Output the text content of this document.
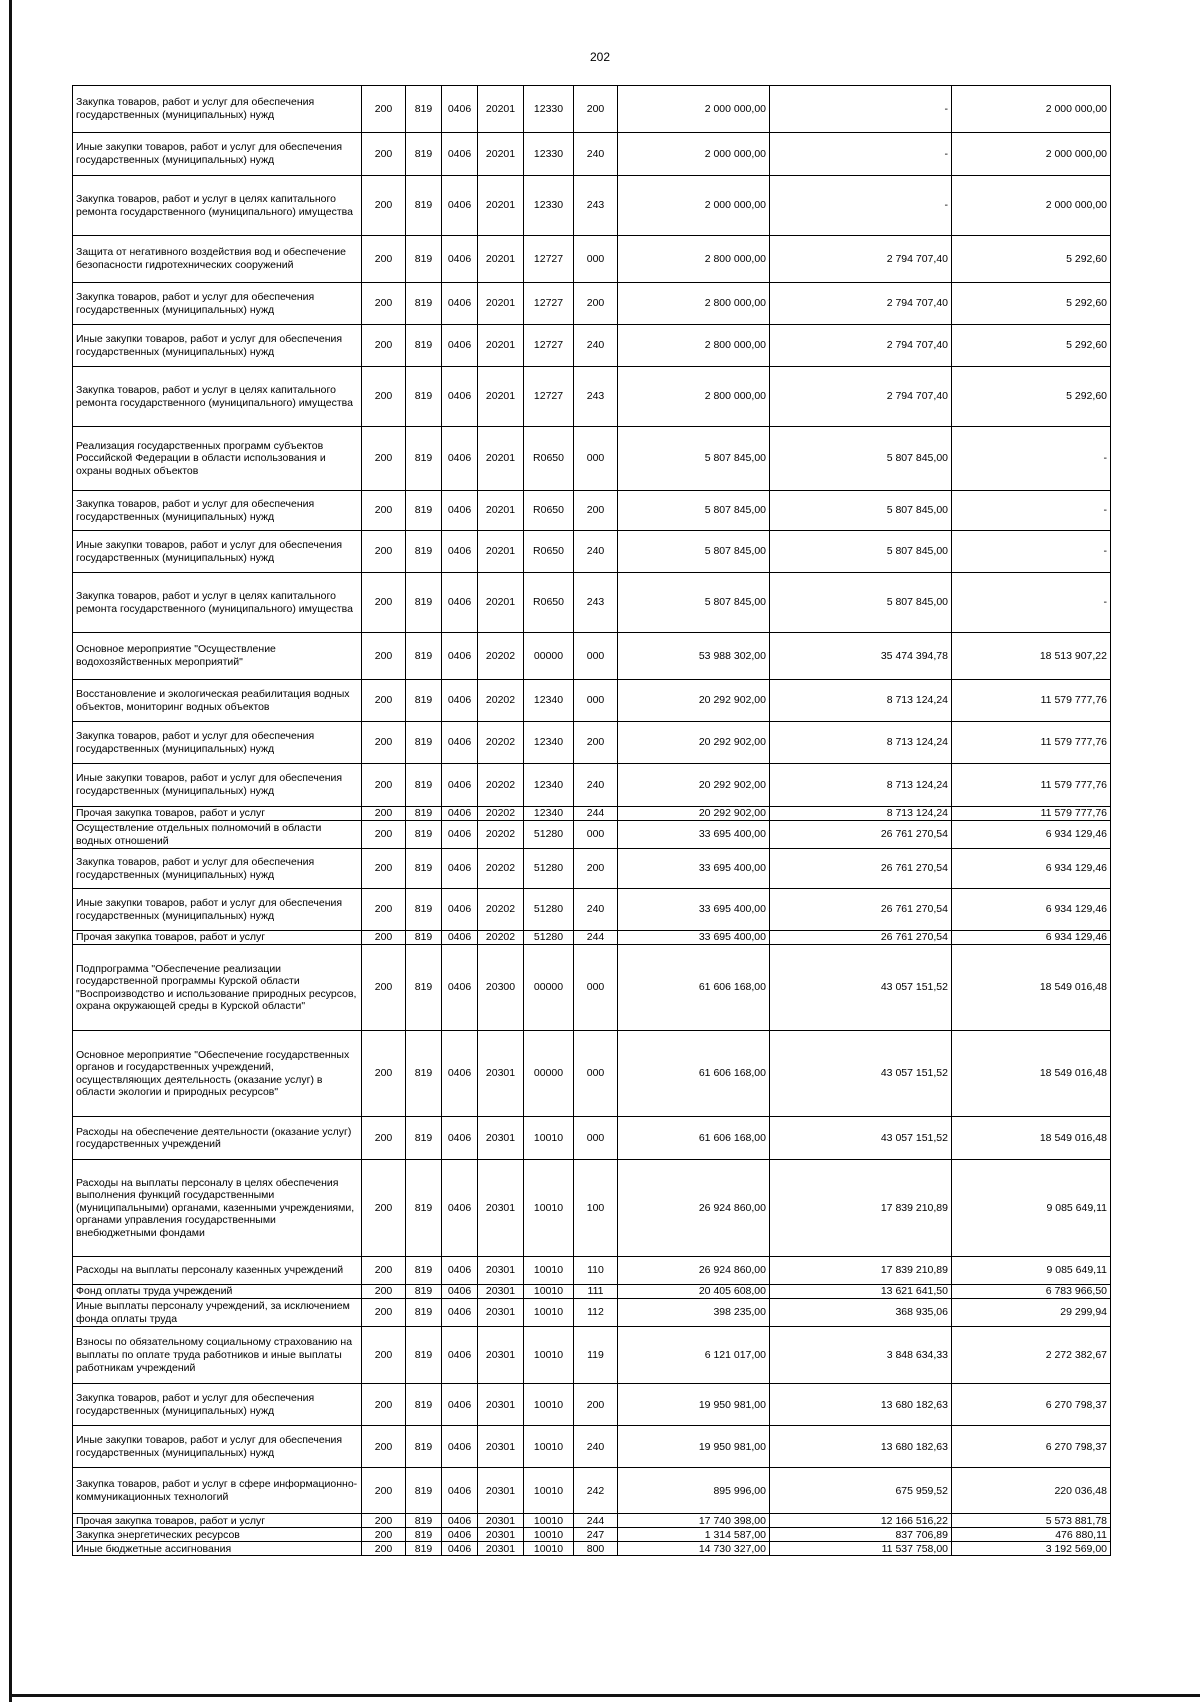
202
Закупка товаров, работ и услуг для обеспечения государственных (муниципальных) нужд	200	819	0406	20201	12330	200	2 000 000,00	-	2 000 000,00
Иные закупки товаров, работ и услуг для обеспечения государственных (муниципальных) нужд	200	819	0406	20201	12330	240	2 000 000,00	-	2 000 000,00
Закупка товаров, работ и услуг в целях капитального ремонта государственного (муниципального) имущества	200	819	0406	20201	12330	243	2 000 000,00	-	2 000 000,00
Защита от негативного воздействия вод и обеспечение безопасности гидротехнических сооружений	200	819	0406	20201	12727	000	2 800 000,00	2 794 707,40	5 292,60
Закупка товаров, работ и услуг для обеспечения государственных (муниципальных) нужд	200	819	0406	20201	12727	200	2 800 000,00	2 794 707,40	5 292,60
Иные закупки товаров, работ и услуг для обеспечения государственных (муниципальных) нужд	200	819	0406	20201	12727	240	2 800 000,00	2 794 707,40	5 292,60
Закупка товаров, работ и услуг в целях капитального ремонта государственного (муниципального) имущества	200	819	0406	20201	12727	243	2 800 000,00	2 794 707,40	5 292,60
Реализация государственных программ субъектов Российской Федерации в области использования и охраны водных объектов	200	819	0406	20201	R0650	000	5 807 845,00	5 807 845,00	-
Закупка товаров, работ и услуг для обеспечения государственных (муниципальных) нужд	200	819	0406	20201	R0650	200	5 807 845,00	5 807 845,00	-
Иные закупки товаров, работ и услуг для обеспечения государственных (муниципальных) нужд	200	819	0406	20201	R0650	240	5 807 845,00	5 807 845,00	-
Закупка товаров, работ и услуг в целях капитального ремонта государственного (муниципального) имущества	200	819	0406	20201	R0650	243	5 807 845,00	5 807 845,00	-
Основное мероприятие "Осуществление водохозяйственных мероприятий"	200	819	0406	20202	00000	000	53 988 302,00	35 474 394,78	18 513 907,22
Восстановление и экологическая реабилитация водных объектов, мониторинг водных объектов	200	819	0406	20202	12340	000	20 292 902,00	8 713 124,24	11 579 777,76
Закупка товаров, работ и услуг для обеспечения государственных (муниципальных) нужд	200	819	0406	20202	12340	200	20 292 902,00	8 713 124,24	11 579 777,76
Иные закупки товаров, работ и услуг для обеспечения государственных (муниципальных) нужд	200	819	0406	20202	12340	240	20 292 902,00	8 713 124,24	11 579 777,76
Прочая закупка товаров, работ и услуг	200	819	0406	20202	12340	244	20 292 902,00	8 713 124,24	11 579 777,76
Осуществление отдельных полномочий в области водных отношений	200	819	0406	20202	51280	000	33 695 400,00	26 761 270,54	6 934 129,46
Закупка товаров, работ и услуг для обеспечения государственных (муниципальных) нужд	200	819	0406	20202	51280	200	33 695 400,00	26 761 270,54	6 934 129,46
Иные закупки товаров, работ и услуг для обеспечения государственных (муниципальных) нужд	200	819	0406	20202	51280	240	33 695 400,00	26 761 270,54	6 934 129,46
Прочая закупка товаров, работ и услуг	200	819	0406	20202	51280	244	33 695 400,00	26 761 270,54	6 934 129,46
Подпрограмма "Обеспечение реализации государственной программы Курской области "Воспроизводство и использование природных ресурсов, охрана окружающей среды в Курской области"	200	819	0406	20300	00000	000	61 606 168,00	43 057 151,52	18 549 016,48
Основное мероприятие "Обеспечение государственных органов и государственных учреждений, осуществляющих деятельность (оказание услуг) в области экологии и природных ресурсов"	200	819	0406	20301	00000	000	61 606 168,00	43 057 151,52	18 549 016,48
Расходы на обеспечение деятельности (оказание услуг) государственных учреждений	200	819	0406	20301	10010	000	61 606 168,00	43 057 151,52	18 549 016,48
Расходы на выплаты персоналу в целях обеспечения выполнения функций государственными (муниципальными) органами, казенными учреждениями, органами управления государственными внебюджетными фондами	200	819	0406	20301	10010	100	26 924 860,00	17 839 210,89	9 085 649,11
Расходы на выплаты персоналу казенных учреждений	200	819	0406	20301	10010	110	26 924 860,00	17 839 210,89	9 085 649,11
Фонд оплаты труда учреждений	200	819	0406	20301	10010	111	20 405 608,00	13 621 641,50	6 783 966,50
Иные выплаты персоналу учреждений, за исключением фонда оплаты труда	200	819	0406	20301	10010	112	398 235,00	368 935,06	29 299,94
Взносы по обязательному социальному страхованию на выплаты по оплате труда работников и иные выплаты работникам учреждений	200	819	0406	20301	10010	119	6 121 017,00	3 848 634,33	2 272 382,67
Закупка товаров, работ и услуг для обеспечения государственных (муниципальных) нужд	200	819	0406	20301	10010	200	19 950 981,00	13 680 182,63	6 270 798,37
Иные закупки товаров, работ и услуг для обеспечения государственных (муниципальных) нужд	200	819	0406	20301	10010	240	19 950 981,00	13 680 182,63	6 270 798,37
Закупка товаров, работ и услуг в сфере информационно-коммуникационных технологий	200	819	0406	20301	10010	242	895 996,00	675 959,52	220 036,48
Прочая закупка товаров, работ и услуг	200	819	0406	20301	10010	244	17 740 398,00	12 166 516,22	5 573 881,78
Закупка энергетических ресурсов	200	819	0406	20301	10010	247	1 314 587,00	837 706,89	476 880,11
Иные бюджетные ассигнования	200	819	0406	20301	10010	800	14 730 327,00	11 537 758,00	3 192 569,00
